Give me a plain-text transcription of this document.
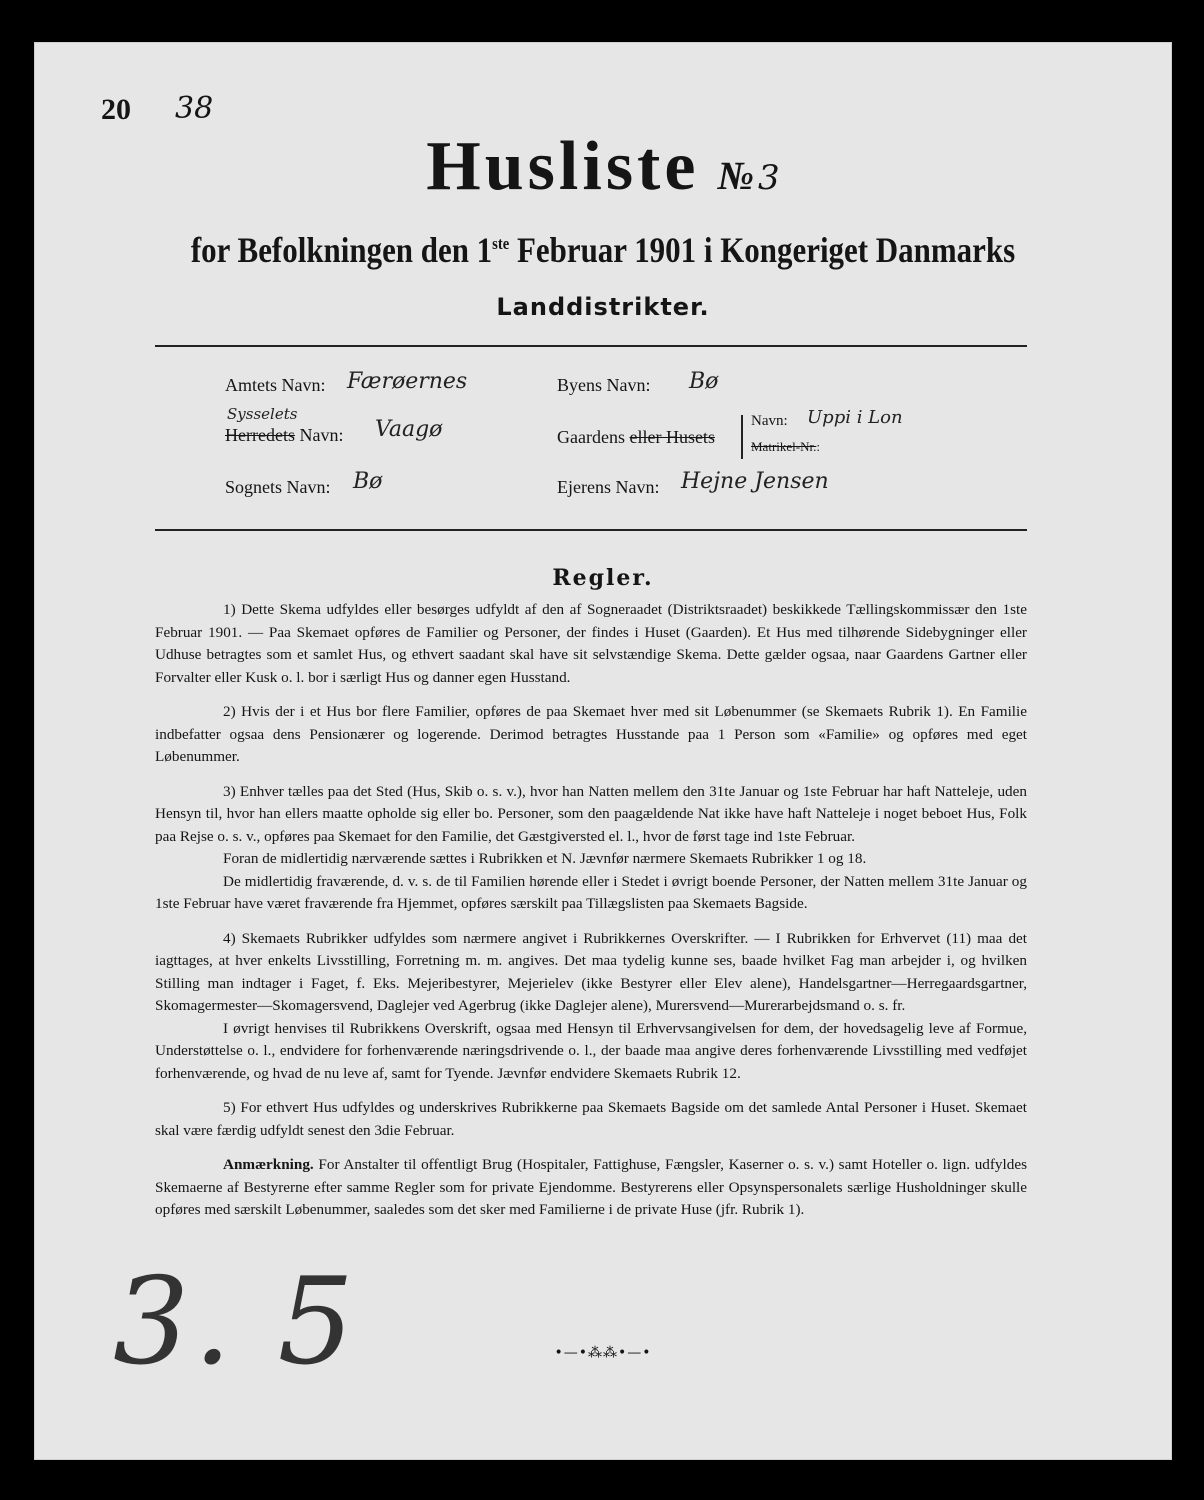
20 38
Husliste № 3
for Befolkningen den 1ste Februar 1901 i Kongeriget Danmarks
Landdistrikter.
Amtets Navn: Færøernes
Sysselets
Herredets Navn: Vaagø
Sognets Navn: Bø
Byens Navn: Bø
Gaardens eller Husets
Navn: Uppi i Lon
Matrikel-Nr.:
Ejerens Navn: Hejne Jensen
Regler.

1) Dette Skema udfyldes eller besørges udfyldt af den af Sogneraadet (Distriktsraadet) beskikkede Tællingskommissær den 1ste Februar 1901. — Paa Skemaet opføres de Familier og Personer, der findes i Huset (Gaarden). Et Hus med tilhørende Sidebygninger eller Udhuse betragtes som et samlet Hus, og ethvert saadant skal have sit selvstændige Skema. Dette gælder ogsaa, naar Gaardens Gartner eller Forvalter eller Kusk o. l. bor i særligt Hus og danner egen Husstand.

2) Hvis der i et Hus bor flere Familier, opføres de paa Skemaet hver med sit Løbenummer (se Skemaets Rubrik 1). En Familie indbefatter ogsaa dens Pensionærer og logerende. Derimod betragtes Husstande paa 1 Person som «Familie» og opføres med eget Løbenummer.

3) Enhver tælles paa det Sted (Hus, Skib o. s. v.), hvor han Natten mellem den 31te Januar og 1ste Februar har haft Natteleje, uden Hensyn til, hvor han ellers maatte opholde sig eller bo. Personer, som den paagældende Nat ikke have haft Natteleje i noget beboet Hus, Folk paa Rejse o. s. v., opføres paa Skemaet for den Familie, det Gæstgiversted el. l., hvor de først tage ind 1ste Februar.

Foran de midlertidig nærværende sættes i Rubrikken et N. Jævnfør nærmere Skemaets Rubrikker 1 og 18.

De midlertidig fraværende, d. v. s. de til Familien hørende eller i Stedet i øvrigt boende Personer, der Natten mellem 31te Januar og 1ste Februar have været fraværende fra Hjemmet, opføres særskilt paa Tillægslisten paa Skemaets Bagside.

4) Skemaets Rubrikker udfyldes som nærmere angivet i Rubrikkernes Overskrifter. — I Rubrikken for Erhvervet (11) maa det iagttages, at hver enkelts Livsstilling, Forretning m. m. angives. Det maa tydelig kunne ses, baade hvilket Fag man arbejder i, og hvilken Stilling man indtager i Faget, f. Eks. Mejeribestyrer, Mejerielev (ikke Bestyrer eller Elev alene), Handelsgartner—Herregaardsgartner, Skomagermester—Skomagersvend, Daglejer ved Agerbrug (ikke Daglejer alene), Murersvend—Murerarbejdsmand o. s. fr.

I øvrigt henvises til Rubrikkens Overskrift, ogsaa med Hensyn til Erhvervsangivelsen for dem, der hovedsagelig leve af Formue, Understøttelse o. l., endvidere for forhenværende næringsdrivende o. l., der baade maa angive deres forhenværende Livsstilling med vedføjet forhenværende, og hvad de nu leve af, samt for Tyende. Jævnfør endvidere Skemaets Rubrik 12.

5) For ethvert Hus udfyldes og underskrives Rubrikkerne paa Skemaets Bagside om det samlede Antal Personer i Huset. Skemaet skal være færdig udfyldt senest den 3die Februar.

Anmærkning. For Anstalter til offentligt Brug (Hospitaler, Fattighuse, Fængsler, Kaserner o. s. v.) samt Hoteller o. lign. udfyldes Skemaerne af Bestyrerne efter samme Regler som for private Ejendomme. Bestyrerens eller Opsynspersonalets særlige Husholdninger skulle opføres med særskilt Løbenummer, saaledes som det sker med Familierne i de private Huse (jfr. Rubrik 1).

•—•⁂⁂•—•
3. 5
